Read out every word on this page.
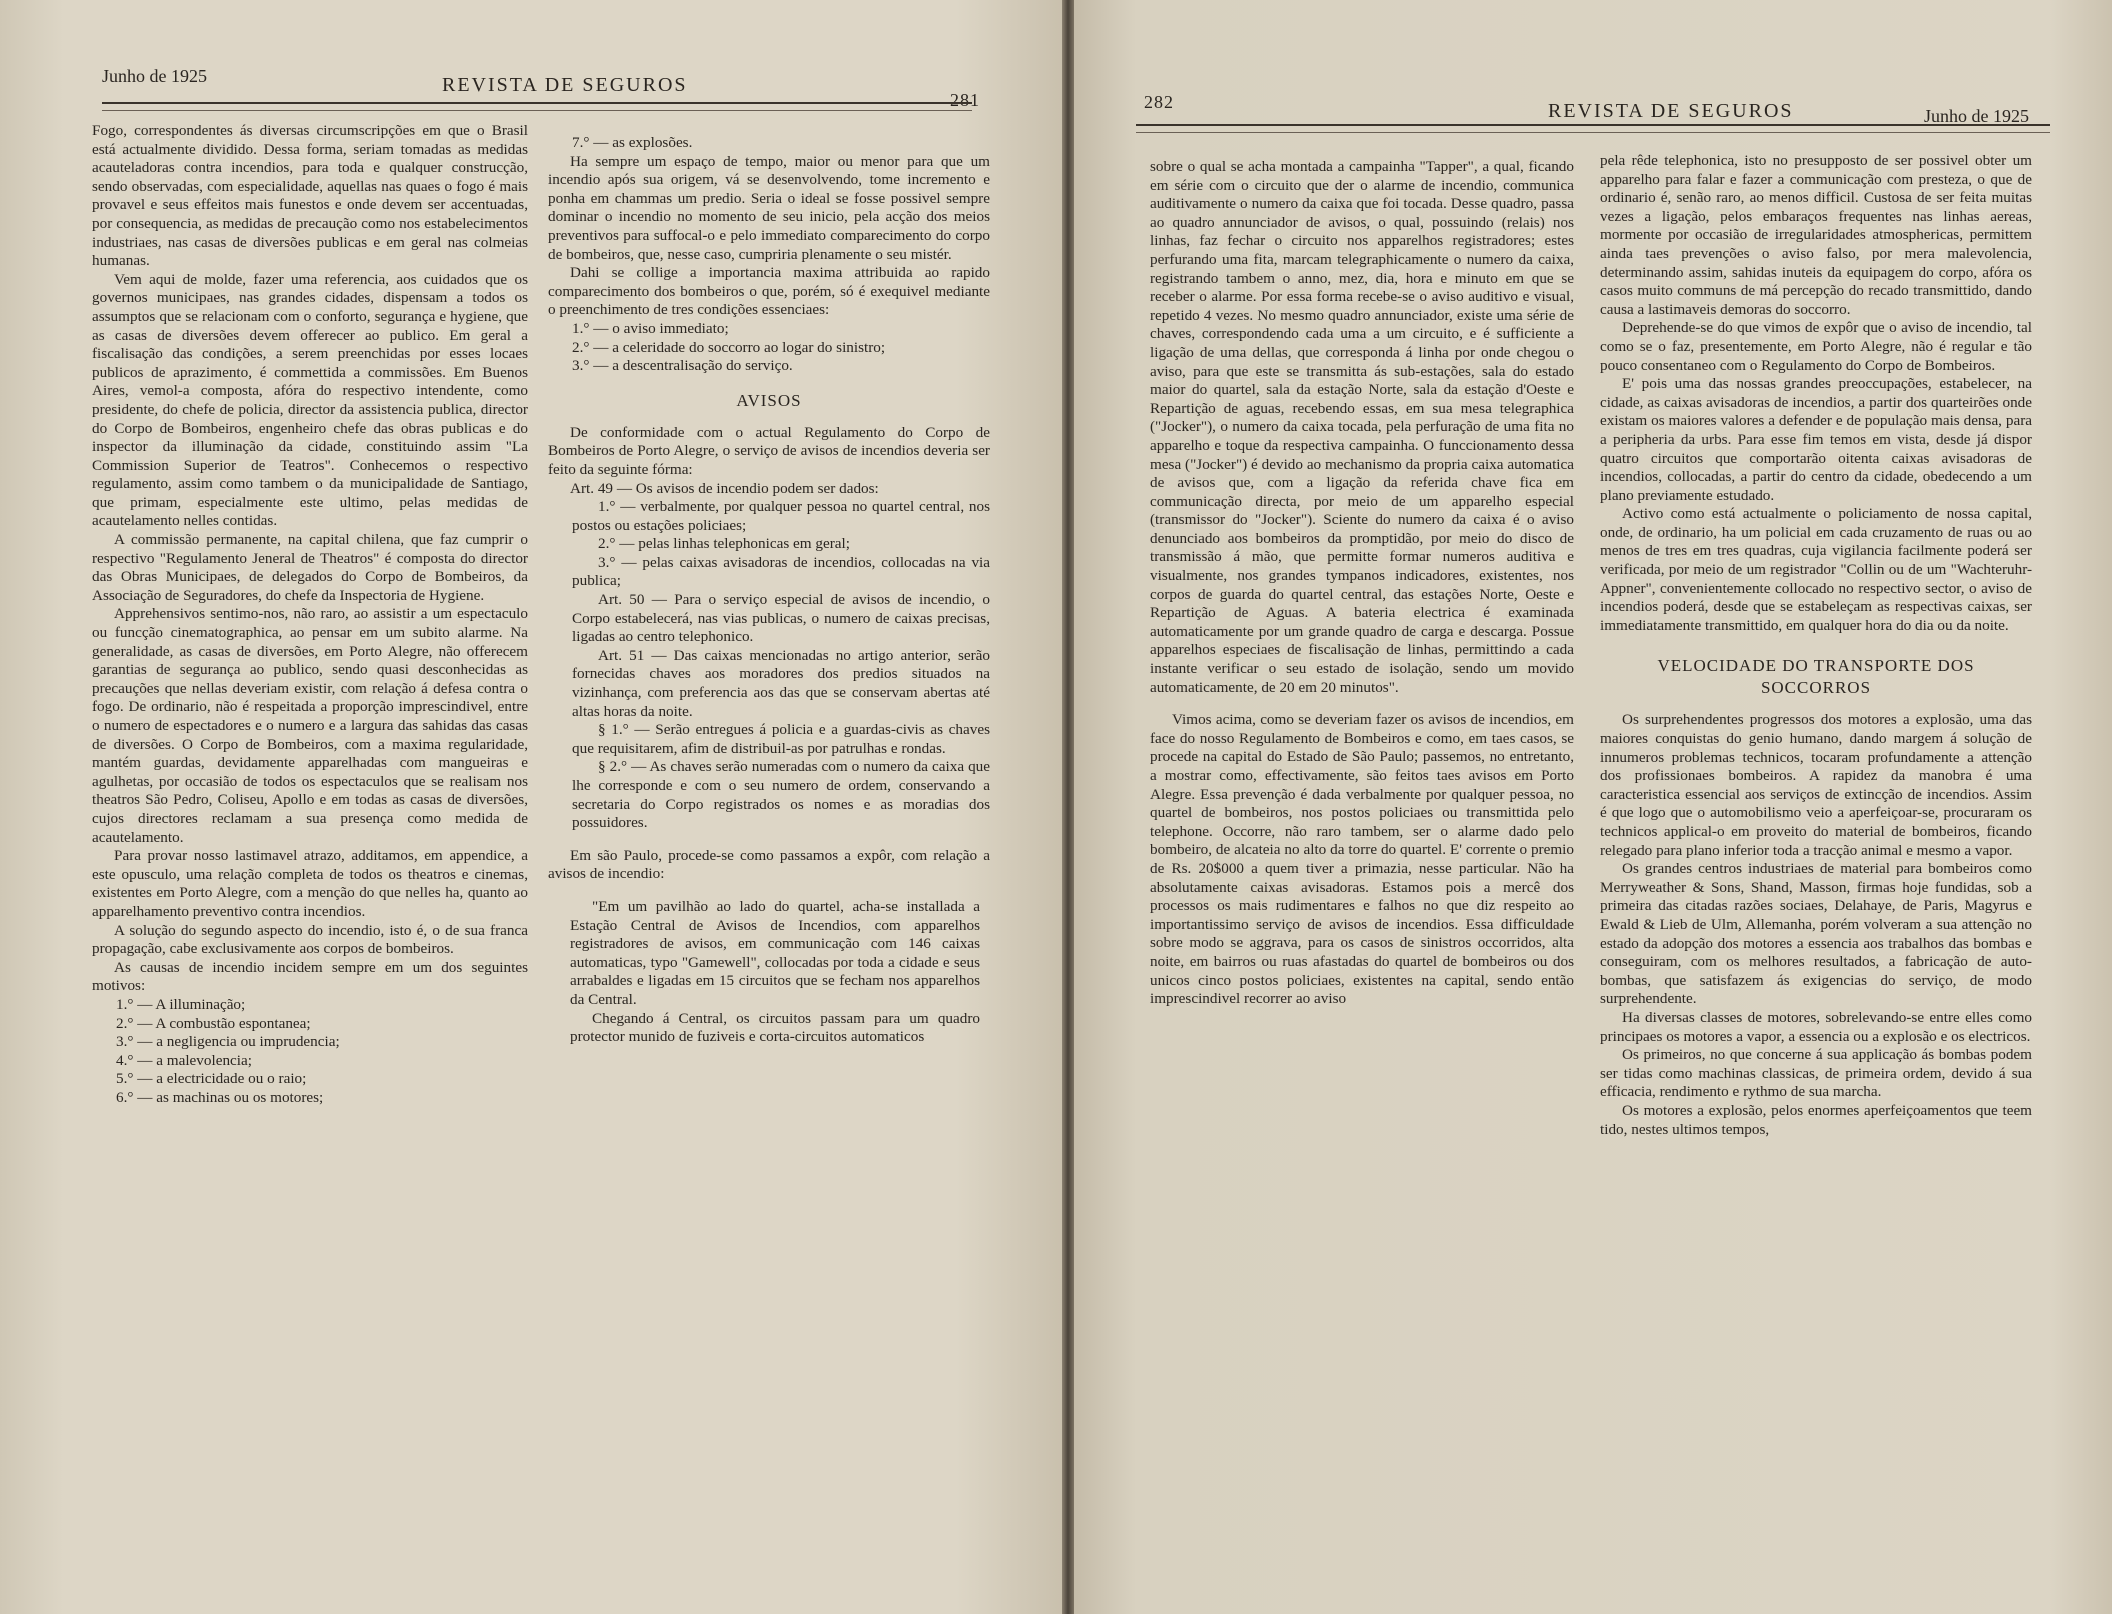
Junho de 1925	REVISTA DE SEGUROS
281

Fogo, correspondentes ás diversas circumscripções em que o Brasil está actualmente dividido. Dessa forma, seriam tomadas as medidas acauteladoras contra incendios, para toda e qualquer construcção, sendo observadas, com especialidade, aquellas nas quaes o fogo é mais provavel e seus effeitos mais funestos e onde devem ser accentuadas, por consequencia, as medidas de precaução como nos estabelecimentos industriaes, nas casas de diversões publicas e em geral nas colmeias humanas.

Vem aqui de molde, fazer uma referencia, aos cuidados que os governos municipaes, nas grandes cidades, dispensam a todos os assumptos que se relacionam com o conforto, segurança e hygiene, que as casas de diversões devem offerecer ao publico. Em geral a fiscalisação das condições, a serem preenchidas por esses locaes publicos de aprazimento, é commettida a commissões. Em Buenos Aires, vemol-a composta, afóra do respectivo intendente, como presidente, do chefe de policia, director da assistencia publica, director do Corpo de Bombeiros, engenheiro chefe das obras publicas e do inspector da illuminação da cidade, constituindo assim "La Commission Superior de Teatros". Conhecemos o respectivo regulamento, assim como tambem o da municipalidade de Santiago, que primam, especialmente este ultimo, pelas medidas de acautelamento nelles contidas.

A commissão permanente, na capital chilena, que faz cumprir o respectivo "Regulamento Jeneral de Theatros" é composta do director das Obras Municipaes, de delegados do Corpo de Bombeiros, da Associação de Seguradores, do chefe da Inspectoria de Hygiene.

Apprehensivos sentimo-nos, não raro, ao assistir a um espectaculo ou funcção cinematographica, ao pensar em um subito alarme. Na generalidade, as casas de diversões, em Porto Alegre, não offerecem garantias de segurança ao publico, sendo quasi desconhecidas as precauções que nellas deveriam existir, com relação á defesa contra o fogo. De ordinario, não é respeitada a proporção imprescindivel, entre o numero de espectadores e o numero e a largura das sahidas das casas de diversões. O Corpo de Bombeiros, com a maxima regularidade, mantém guardas, devidamente apparelhadas com mangueiras e agulhetas, por occasião de todos os espectaculos que se realisam nos theatros São Pedro, Coliseu, Apollo e em todas as casas de diversões, cujos directores reclamam a sua presença como medida de acautelamento.

Para provar nosso lastimavel atrazo, additamos, em appendice, a este opusculo, uma relação completa de todos os theatros e cinemas, existentes em Porto Alegre, com a menção do que nelles ha, quanto ao apparelhamento preventivo contra incendios.

A solução do segundo aspecto do incendio, isto é, o de sua franca propagação, cabe exclusivamente aos corpos de bombeiros.

As causas de incendio incidem sempre em um dos seguintes motivos:

1.° — A illuminação;

2.° — A combustão espontanea;

3.° — a negligencia ou imprudencia;

4.° — a malevolencia;

5.° — a electricidade ou o raio;

6.° — as machinas ou os motores;

7.° — as explosões.

Ha sempre um espaço de tempo, maior ou menor para que um incendio após sua origem, vá se desenvolvendo, tome incremento e ponha em chammas um predio. Seria o ideal se fosse possivel sempre dominar o incendio no momento de seu inicio, pela acção dos meios preventivos para suffocal-o e pelo immediato comparecimento do corpo de bombeiros, que, nesse caso, cumpriria plenamente o seu mistér.

Dahi se collige a importancia maxima attribuida ao rapido comparecimento dos bombeiros o que, porém, só é exequivel mediante o preenchimento de tres condições essenciaes:

1.° — o aviso immediato;

2.° — a celeridade do soccorro ao logar do sinistro;

3.° — a descentralisação do serviço.

AVISOS

De conformidade com o actual Regulamento do Corpo de Bombeiros de Porto Alegre, o serviço de avisos de incendios deveria ser feito da seguinte fórma:

Art. 49 — Os avisos de incendio podem ser dados:

1.° — verbalmente, por qualquer pessoa no quartel central, nos postos ou estações policiaes;

2.° — pelas linhas telephonicas em geral;

3.° — pelas caixas avisadoras de incendios, collocadas na via publica;

Art. 50 — Para o serviço especial de avisos de incendio, o Corpo estabelecerá, nas vias publicas, o numero de caixas precisas, ligadas ao centro telephonico.

Art. 51 — Das caixas mencionadas no artigo anterior, serão fornecidas chaves aos moradores dos predios situados na vizinhança, com preferencia aos das que se conservam abertas até altas horas da noite.

§ 1.° — Serão entregues á policia e a guardas-civis as chaves que requisitarem, afim de distribuil-as por patrulhas e rondas.

§ 2.° — As chaves serão numeradas com o numero da caixa que lhe corresponde e com o seu numero de ordem, conservando a secretaria do Corpo registrados os nomes e as moradias dos possuidores.

Em são Paulo, procede-se como passamos a expôr, com relação a avisos de incendio:

"Em um pavilhão ao lado do quartel, acha-se installada a Estação Central de Avisos de Incendios, com apparelhos registradores de avisos, em communicação com 146 caixas automaticas, typo "Gamewell", collocadas por toda a cidade e seus arrabaldes e ligadas em 15 circuitos que se fecham nos apparelhos da Central.

Chegando á Central, os circuitos passam para um quadro protector munido de fuziveis e corta-circuitos automaticos

282	REVISTA DE SEGUROS	Junho de 1925

sobre o qual se acha montada a campainha "Tapper", a qual, ficando em série com o circuito que der o alarme de incendio, communica auditivamente o numero da caixa que foi tocada. Desse quadro, passa ao quadro annunciador de avisos, o qual, possuindo (relais) nos linhas, faz fechar o circuito nos apparelhos registradores; estes perfurando uma fita, marcam telegraphicamente o numero da caixa, registrando tambem o anno, mez, dia, hora e minuto em que se receber o alarme. Por essa forma recebe-se o aviso auditivo e visual, repetido 4 vezes. No mesmo quadro annunciador, existe uma série de chaves, correspondendo cada uma a um circuito, e é sufficiente a ligação de uma dellas, que corresponda á linha por onde chegou o aviso, para que este se transmitta ás sub-estações, sala do estado maior do quartel, sala da estação Norte, sala da estação d'Oeste e Repartição de aguas, recebendo essas, em sua mesa telegraphica ("Jocker"), o numero da caixa tocada, pela perfuração de uma fita no apparelho e toque da respectiva campainha. O funccionamento dessa mesa ("Jocker") é devido ao mechanismo da propria caixa automatica de avisos que, com a ligação da referida chave fica em communicação directa, por meio de um apparelho especial (transmissor do "Jocker"). Sciente do numero da caixa é o aviso denunciado aos bombeiros da promptidão, por meio do disco de transmissão á mão, que permitte formar numeros auditiva e visualmente, nos grandes tympanos indicadores, existentes, nos corpos de guarda do quartel central, das estações Norte, Oeste e Repartição de Aguas. A bateria electrica é examinada automaticamente por um grande quadro de carga e descarga. Possue apparelhos especiaes de fiscalisação de linhas, permittindo a cada instante verificar o seu estado de isolação, sendo um movido automaticamente, de 20 em 20 minutos".

Vimos acima, como se deveriam fazer os avisos de incendios, em face do nosso Regulamento de Bombeiros e como, em taes casos, se procede na capital do Estado de São Paulo; passemos, no entretanto, a mostrar como, effectivamente, são feitos taes avisos em Porto Alegre. Essa prevenção é dada verbalmente por qualquer pessoa, no quartel de bombeiros, nos postos policiaes ou transmittida pelo telephone. Occorre, não raro tambem, ser o alarme dado pelo bombeiro, de alcateia no alto da torre do quartel. E' corrente o premio de Rs. 20$000 a quem tiver a primazia, nesse particular. Não ha absolutamente caixas avisadoras. Estamos pois a mercê dos processos os mais rudimentares e falhos no que diz respeito ao importantissimo serviço de avisos de incendios. Essa difficuldade sobre modo se aggrava, para os casos de sinistros occorridos, alta noite, em bairros ou ruas afastadas do quartel de bombeiros ou dos unicos cinco postos policiaes, existentes na capital, sendo então imprescindivel recorrer ao aviso

pela rêde telephonica, isto no presupposto de ser possivel obter um apparelho para falar e fazer a communicação com presteza, o que de ordinario é, senão raro, ao menos difficil. Custosa de ser feita muitas vezes a ligação, pelos embaraços frequentes nas linhas aereas, mormente por occasião de irregularidades atmosphericas, permittem ainda taes prevenções o aviso falso, por mera malevolencia, determinando assim, sahidas inuteis da equipagem do corpo, afóra os casos muito communs de má percepção do recado transmittido, dando causa a lastimaveis demoras do soccorro.

Deprehende-se do que vimos de expôr que o aviso de incendio, tal como se o faz, presentemente, em Porto Alegre, não é regular e tão pouco consentaneo com o Regulamento do Corpo de Bombeiros.

E' pois uma das nossas grandes preoccupações, estabelecer, na cidade, as caixas avisadoras de incendios, a partir dos quarteirões onde existam os maiores valores a defender e de população mais densa, para a peripheria da urbs. Para esse fim temos em vista, desde já dispor quatro circuitos que comportarão oitenta caixas avisadoras de incendios, collocadas, a partir do centro da cidade, obedecendo a um plano previamente estudado.

Activo como está actualmente o policiamento de nossa capital, onde, de ordinario, ha um policial em cada cruzamento de ruas ou ao menos de tres em tres quadras, cuja vigilancia facilmente poderá ser verificada, por meio de um registrador "Collin ou de um "Wachteruhr-Appner", convenientemente collocado no respectivo sector, o aviso de incendios poderá, desde que se estabeleçam as respectivas caixas, ser immediatamente transmittido, em qualquer hora do dia ou da noite.

VELOCIDADE DO TRANSPORTE DOS SOCCORROS

Os surprehendentes progressos dos motores a explosão, uma das maiores conquistas do genio humano, dando margem á solução de innumeros problemas technicos, tocaram profundamente a attenção dos profissionaes bombeiros. A rapidez da manobra é uma caracteristica essencial aos serviços de extincção de incendios. Assim é que logo que o automobilismo veio a aperfeiçoar-se, procuraram os technicos applical-o em proveito do material de bombeiros, ficando relegado para plano inferior toda a tracção animal e mesmo a vapor.

Os grandes centros industriaes de material para bombeiros como Merryweather & Sons, Shand, Masson, firmas hoje fundidas, sob a primeira das citadas razões sociaes, Delahaye, de Paris, Magyrus e Ewald & Lieb de Ulm, Allemanha, porém volveram a sua attenção no estado da adopção dos motores a essencia aos trabalhos das bombas e conseguiram, com os melhores resultados, a fabricação de auto-bombas, que satisfazem ás exigencias do serviço, de modo surprehendente.

Ha diversas classes de motores, sobrelevando-se entre elles como principaes os motores a vapor, a essencia ou a explosão e os electricos.

Os primeiros, no que concerne á sua applicação ás bombas podem ser tidas como machinas classicas, de primeira ordem, devido á sua efficacia, rendimento e rythmo de sua marcha.

Os motores a explosão, pelos enormes aperfeiçoamentos que teem tido, nestes ultimos tempos,
